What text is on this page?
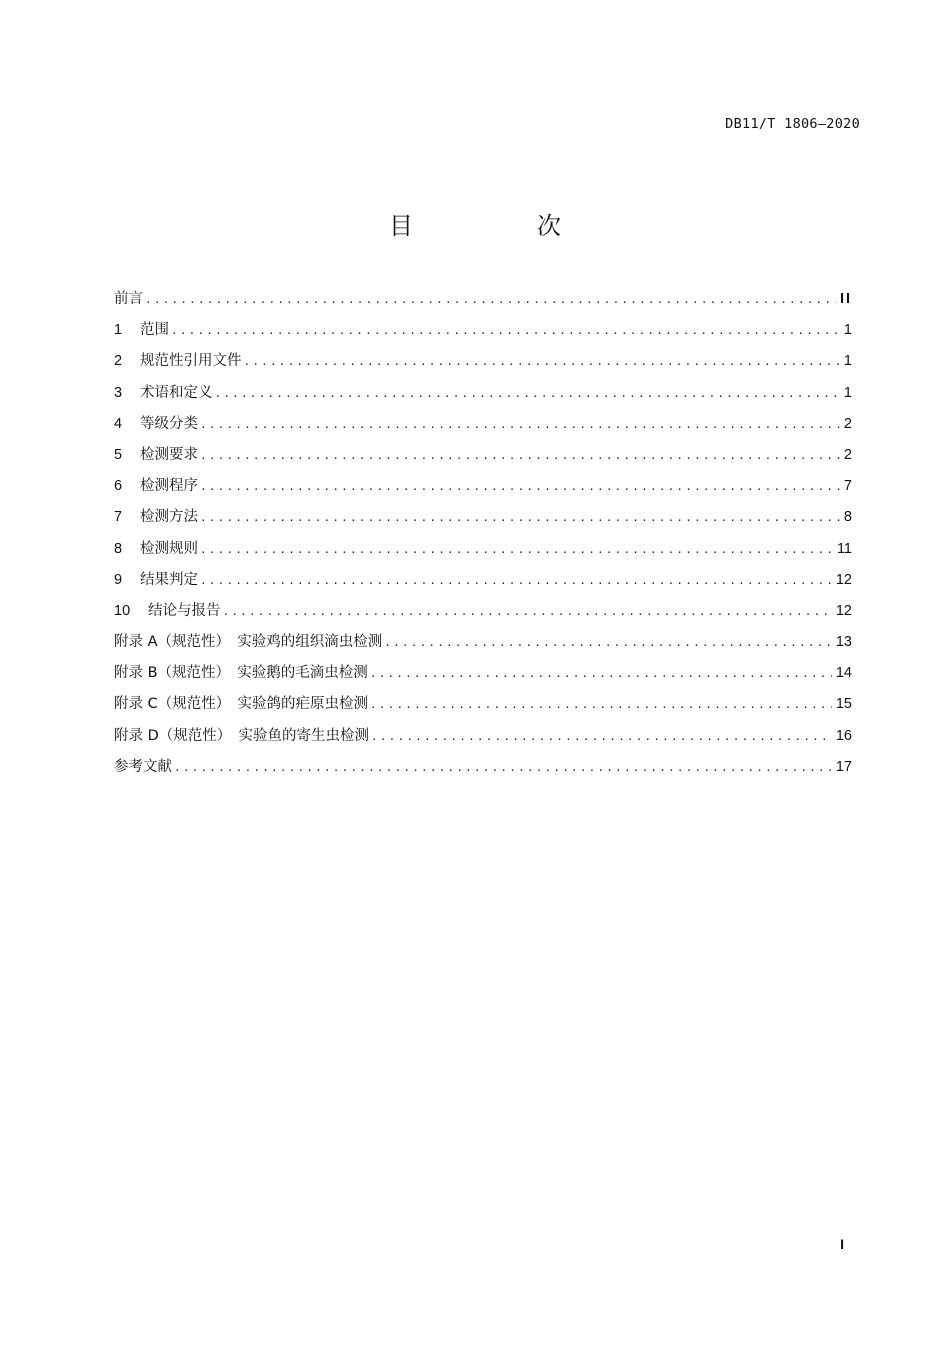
DB11/T 1806—2020
目　次
前言 .....	II
1	范围 .....	1
2	规范性引用文件 .....	1
3	术语和定义 .....	1
4	等级分类 .....	2
5	检测要求 .....	2
6	检测程序 .....	7
7	检测方法 .....	8
8	检测规则 .....	11
9	结果判定 .....	12
10	结论与报告 .....	12
附录 A（规范性）　实验鸡的组织滴虫检测 .....	13
附录 B（规范性）　实验鹅的毛滴虫检测 .....	14
附录 C（规范性）　实验鸽的疟原虫检测 .....	15
附录 D（规范性）　实验鱼的寄生虫检测 .....	16
参考文献 .....	17
I
